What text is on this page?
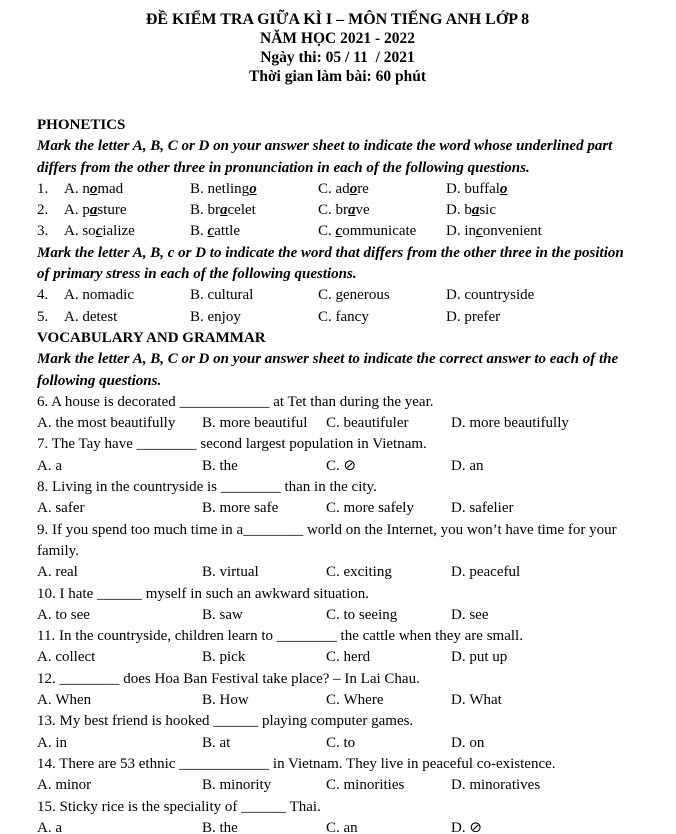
ĐỀ KIỂM TRA GIỮA KÌ I – MÔN TIẾNG ANH LỚP 8
NĂM HỌC 2021 - 2022
Ngày thi: 05 / 11  / 2021
Thời gian làm bài: 60 phút
PHONETICS
Mark the letter A, B, C or D on your answer sheet to indicate the word whose underlined part differs from the other three in pronunciation in each of the following questions.
1.	A. nomad	B. netlingo	C. adore	D. buffalo
2.	A. pasture	B. bracelet	C. brave	D. basic
3.	A. socialize	B. cattle	C. communicate	D. inconvenient
Mark the letter A, B, c or D to indicate the word that differs from the other three in the position of primary stress in each of the following questions.
4.	A. nomadic	B. cultural	C. generous	D. countryside
5.	A. detest	B. enjoy	C. fancy	D. prefer
VOCABULARY AND GRAMMAR
Mark the letter A, B, C or D on your answer sheet to indicate the correct answer to each of the following questions.
6. A house is decorated ____________ at Tet than during the year.
A. the most beautifully	B. more beautiful	C. beautifuler	D. more beautifully
7. The Tay have ________ second largest population in Vietnam.
A. a	B. the	C. ⊘	D. an
8. Living in the countryside is ________ than in the city.
A. safer	B. more safe	C. more safely	D. safelier
9. If you spend too much time in a________ world on the Internet, you won’t have time for your family.
A. real	B. virtual	C. exciting	D. peaceful
10. I hate ______ myself in such an awkward situation.
A. to see	B. saw	C. to seeing	D. see
11. In the countryside, children learn to ________ the cattle when they are small.
A. collect	B. pick	C. herd	D. put up
12. ________ does Hoa Ban Festival take place? – In Lai Chau.
A. When	B. How	C. Where	D. What
13. My best friend is hooked ______ playing computer games.
A. in	B. at	C. to	D. on
14. There are 53 ethnic ____________ in Vietnam. They live in peaceful co-existence.
A. minor	B. minority	C. minorities	D. minoratives
15. Sticky rice is the speciality of ______ Thai.
A. a	B. the	C. an	D. ⊘
